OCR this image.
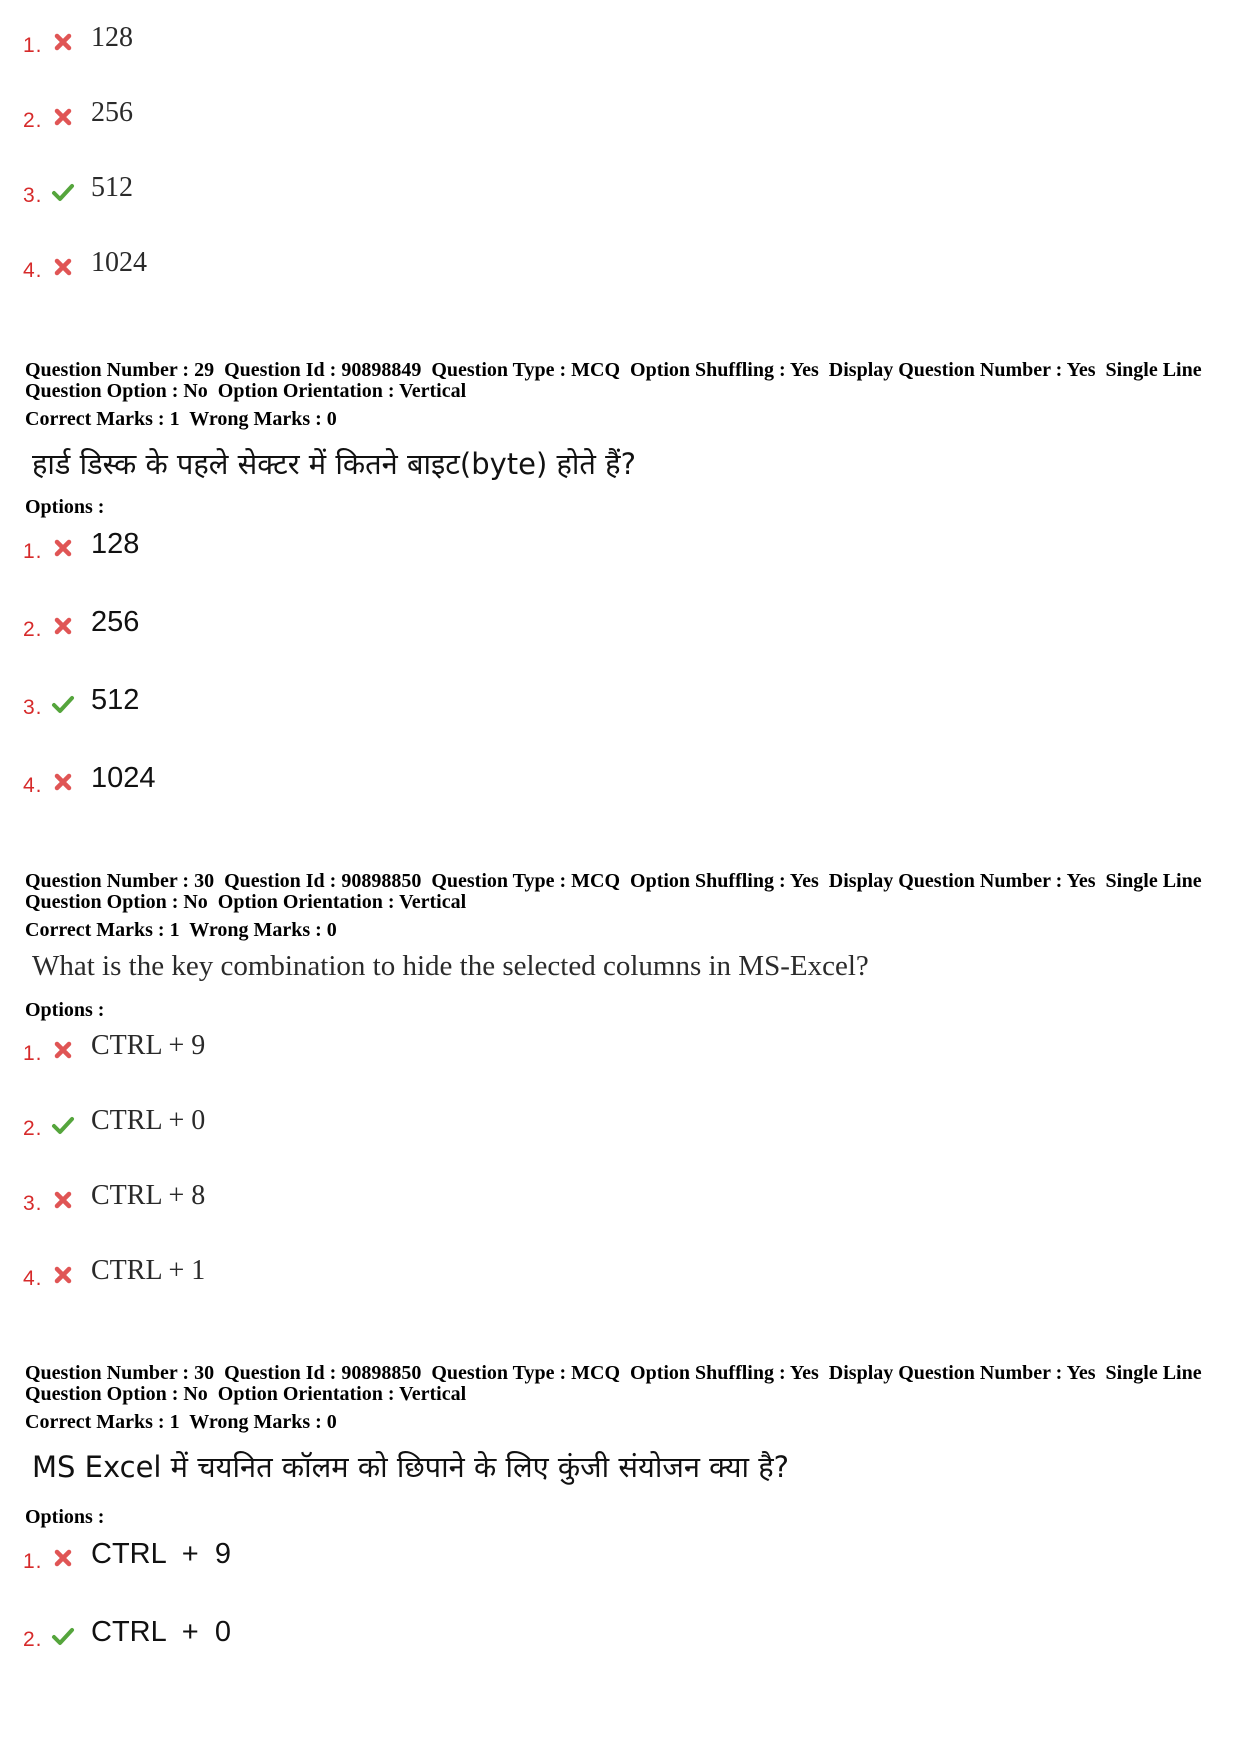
1. 128
2. 256
3. 512
4. 1024

Question Number : 29  Question Id : 90898849  Question Type : MCQ  Option Shuffling : Yes  Display Question Number : Yes  Single Line Question Option : No  Option Orientation : Vertical

Correct Marks : 1  Wrong Marks : 0
हार्ड डिस्क के पहले सेक्टर में कितने बाइट(byte) होते हैं?
Options :
1. 128
2. 256
3. 512
4. 1024

Question Number : 30  Question Id : 90898850  Question Type : MCQ  Option Shuffling : Yes  Display Question Number : Yes  Single Line Question Option : No  Option Orientation : Vertical

Correct Marks : 1  Wrong Marks : 0
What is the key combination to hide the selected columns in MS-Excel?
Options :
1. CTRL + 9
2. CTRL + 0
3. CTRL + 8
4. CTRL + 1

Question Number : 30  Question Id : 90898850  Question Type : MCQ  Option Shuffling : Yes  Display Question Number : Yes  Single Line Question Option : No  Option Orientation : Vertical

Correct Marks : 1  Wrong Marks : 0
MS Excel में चयनित कॉलम को छिपाने के लिए कुंजी संयोजन क्या है?
Options :
1. CTRL  +  9
2. CTRL  +  0
